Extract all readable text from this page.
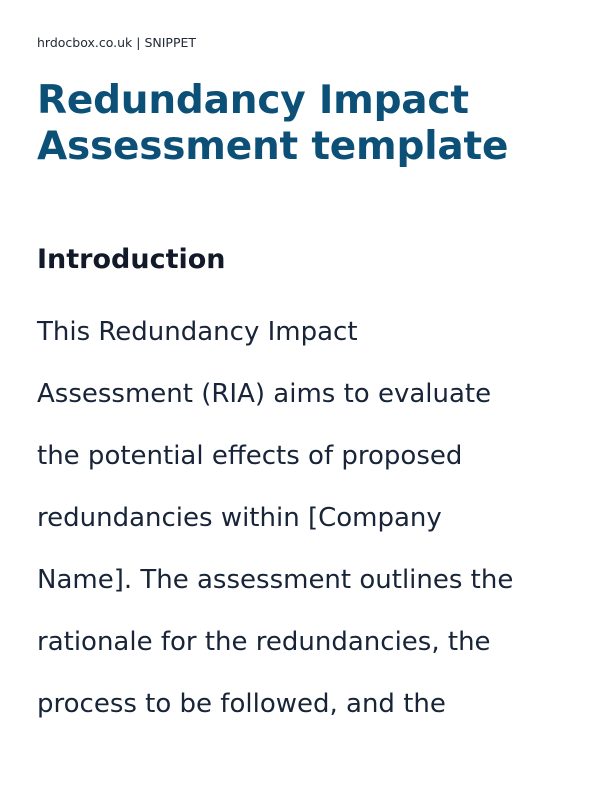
hrdocbox.co.uk | SNIPPET

Redundancy Impact
Assessment template
Introduction

This Redundancy Impact
Assessment (RIA) aims to evaluate
the potential effects of proposed
redundancies within [Company
Name]. The assessment outlines the
rationale for the redundancies, the
process to be followed, and the
